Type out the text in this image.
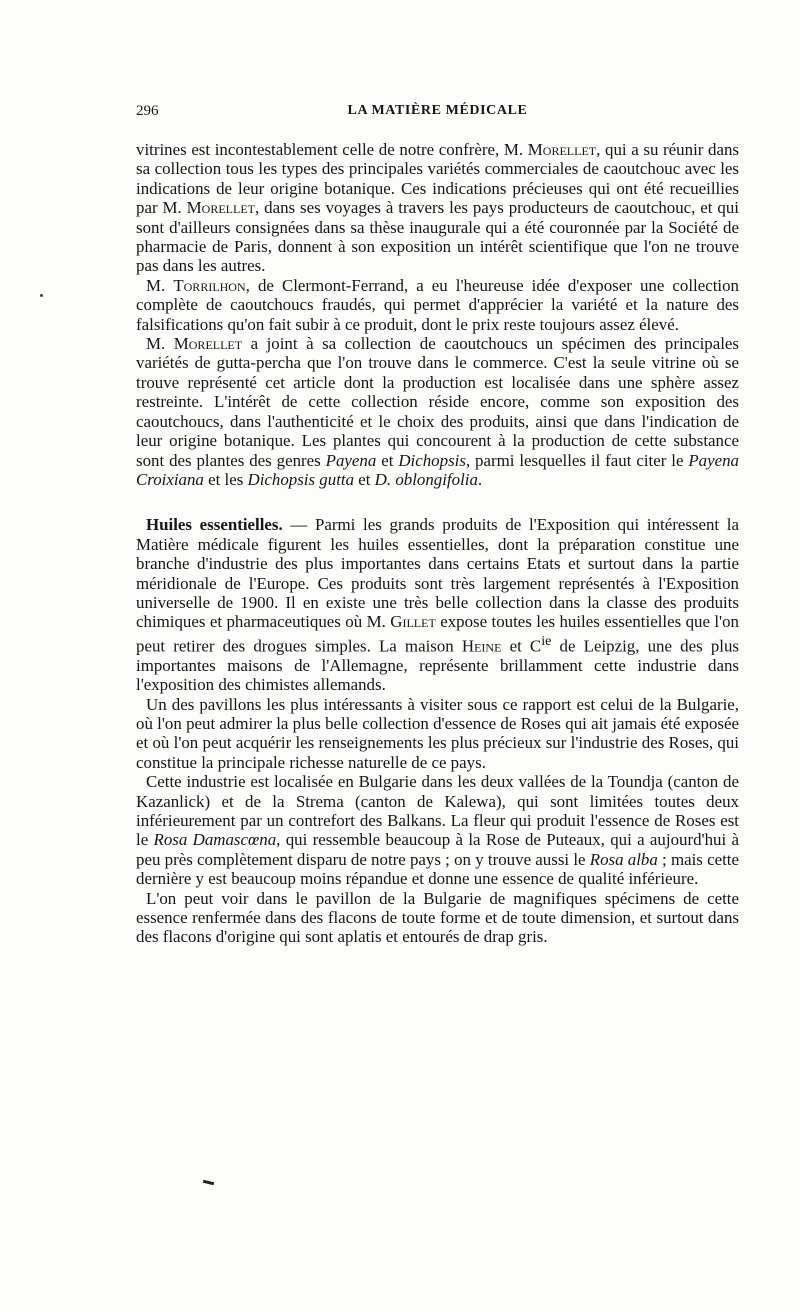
296	LA MATIÈRE MÉDICALE

vitrines est incontestablement celle de notre confrère, M. Morellet, qui a su réunir dans sa collection tous les types des principales variétés commerciales de caoutchouc avec les indications de leur origine botanique. Ces indications précieuses qui ont été recueillies par M. Morellet, dans ses voyages à travers les pays producteurs de caoutchouc, et qui sont d'ailleurs consignées dans sa thèse inaugurale qui a été couronnée par la Société de pharmacie de Paris, donnent à son exposition un intérêt scientifique que l'on ne trouve pas dans les autres.

M. Torrilhon, de Clermont-Ferrand, a eu l'heureuse idée d'exposer une collection complète de caoutchoucs fraudés, qui permet d'apprécier la variété et la nature des falsifications qu'on fait subir à ce produit, dont le prix reste toujours assez élevé.

M. Morellet a joint à sa collection de caoutchoucs un spécimen des principales variétés de gutta-percha que l'on trouve dans le commerce. C'est la seule vitrine où se trouve représenté cet article dont la production est localisée dans une sphère assez restreinte. L'intérêt de cette collection réside encore, comme son exposition des caoutchoucs, dans l'authenticité et le choix des produits, ainsi que dans l'indication de leur origine botanique. Les plantes qui concourent à la production de cette substance sont des plantes des genres Payena et Dichopsis, parmi lesquelles il faut citer le Payena Croixiana et les Dichopsis gutta et D. oblongifolia.

Huiles essentielles. — Parmi les grands produits de l'Exposition qui intéressent la Matière médicale figurent les huiles essentielles, dont la préparation constitue une branche d'industrie des plus importantes dans certains Etats et surtout dans la partie méridionale de l'Europe. Ces produits sont très largement représentés à l'Exposition universelle de 1900. Il en existe une très belle collection dans la classe des produits chimiques et pharmaceutiques où M. Gillet expose toutes les huiles essentielles que l'on peut retirer des drogues simples. La maison Heine et $C^{ie}$ de Leipzig, une des plus importantes maisons de l'Allemagne, représente brillamment cette industrie dans l'exposition des chimistes allemands.

Un des pavillons les plus intéressants à visiter sous ce rapport est celui de la Bulgarie, où l'on peut admirer la plus belle collection d'essence de Roses qui ait jamais été exposée et où l'on peut acquérir les renseignements les plus précieux sur l'industrie des Roses, qui constitue la principale richesse naturelle de ce pays.

Cette industrie est localisée en Bulgarie dans les deux vallées de la Toundja (canton de Kazanlick) et de la Strema (canton de Kalewa), qui sont limitées toutes deux inférieurement par un contrefort des Balkans. La fleur qui produit l'essence de Roses est le Rosa Damascœna, qui ressemble beaucoup à la Rose de Puteaux, qui a aujourd'hui à peu près complètement disparu de notre pays ; on y trouve aussi le Rosa alba ; mais cette dernière y est beaucoup moins répandue et donne une essence de qualité inférieure.

L'on peut voir dans le pavillon de la Bulgarie de magnifiques spécimens de cette essence renfermée dans des flacons de toute forme et de toute dimension, et surtout dans des flacons d'origine qui sont aplatis et entourés de drap gris.
